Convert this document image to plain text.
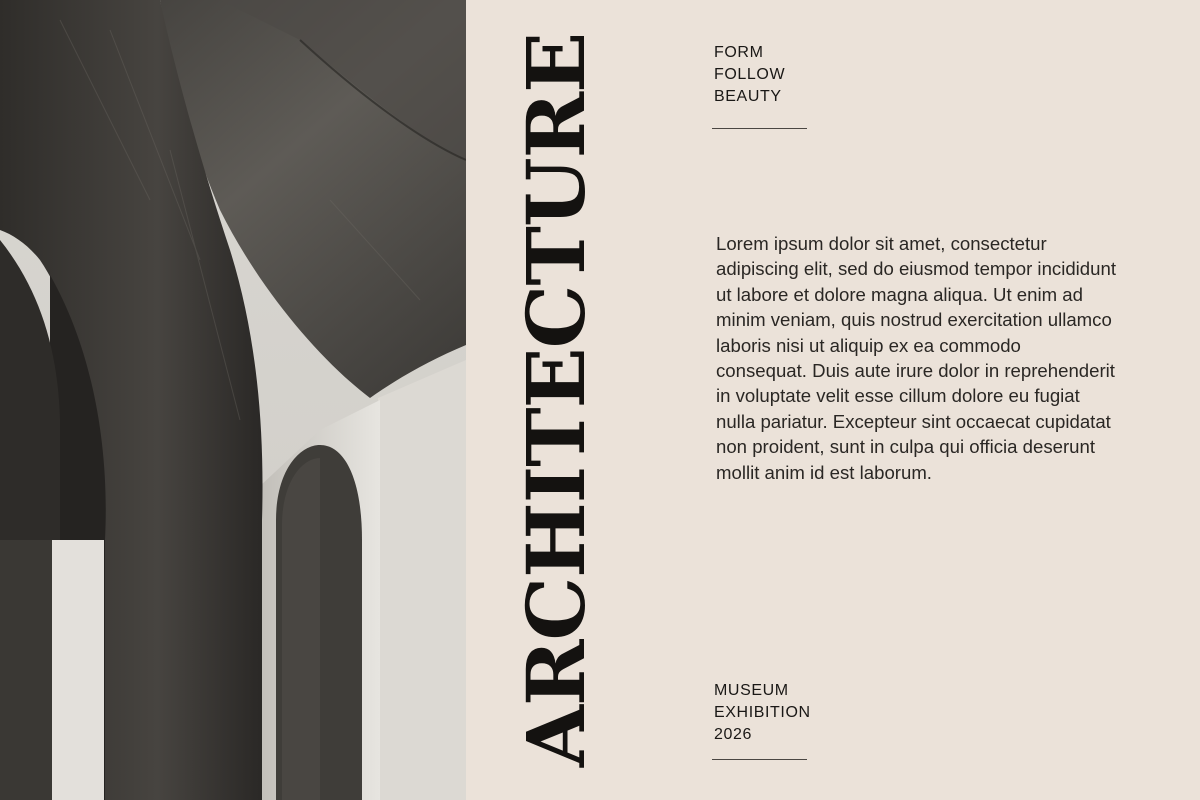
ARCHITECTURE	FORM
FOLLOW
BEAUTY
Lorem ipsum dolor sit amet, consectetur adipiscing elit, sed do eiusmod tempor incididunt ut labore et dolore magna aliqua. Ut enim ad minim veniam, quis nostrud exercitation ullamco laboris nisi ut aliquip ex ea commodo consequat. Duis aute irure dolor in reprehenderit in voluptate velit esse cillum dolore eu fugiat nulla pariatur. Excepteur sint occaecat cupidatat non proident, sunt in culpa qui officia deserunt mollit anim id est laborum.
MUSEUM
EXHIBITION
2026
